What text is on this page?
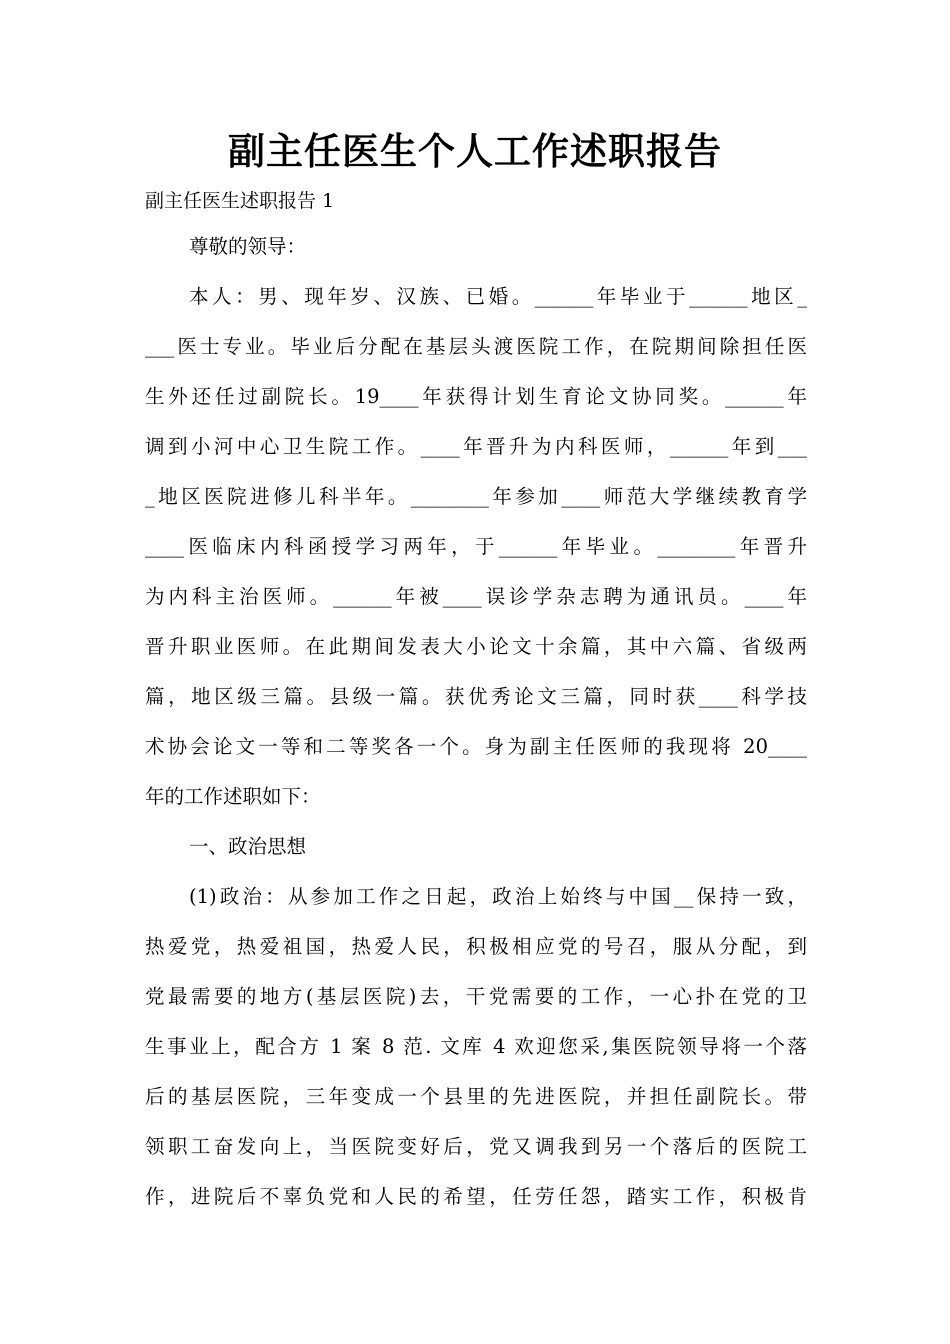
副主任医生个人工作述职报告
副主任医生述职报告 1
尊敬的领导：
本人：男、现年岁、汉族、已婚。______年毕业于______地区_
___医士专业。毕业后分配在基层头渡医院工作，在院期间除担任医
生外还任过副院长。19____年获得计划生育论文协同奖。______年
调到小河中心卫生院工作。____年晋升为内科医师，______年到___
_地区医院进修儿科半年。________年参加____师范大学继续教育学
____医临床内科函授学习两年，于______年毕业。________年晋升
为内科主治医师。______年被____误诊学杂志聘为通讯员。____年
晋升职业医师。在此期间发表大小论文十余篇，其中六篇、省级两
篇，地区级三篇。县级一篇。获优秀论文三篇，同时获____科学技
术协会论文一等和二等奖各一个。身为副主任医师的我现将 20____
年的工作述职如下：
一、政治思想
(1)政治：从参加工作之日起，政治上始终与中国__保持一致，
热爱党，热爱祖国，热爱人民，积极相应党的号召，服从分配，到
党最需要的地方(基层医院)去，干党需要的工作，一心扑在党的卫
生事业上，配合方 1 案 8 范. 文库 4 欢迎您采,集医院领导将一个落
后的基层医院，三年变成一个县里的先进医院，并担任副院长。带
领职工奋发向上，当医院变好后，党又调我到另一个落后的医院工
作，进院后不辜负党和人民的希望，任劳任怨，踏实工作，积极肯
